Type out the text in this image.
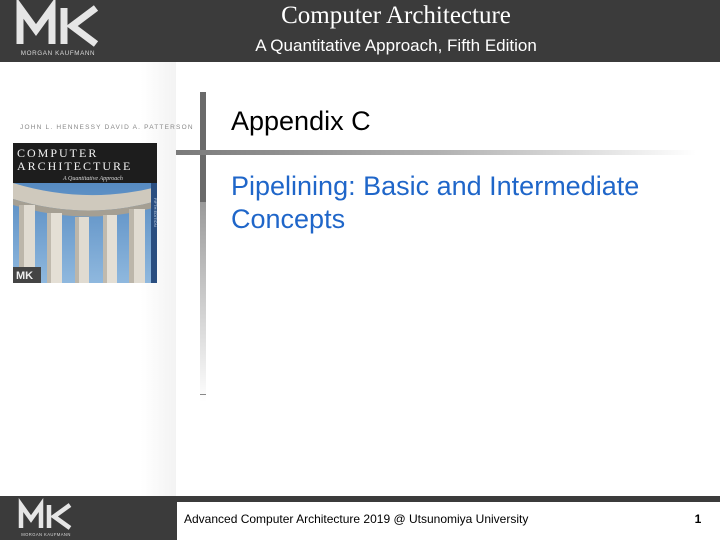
MORGAN KAUFMANN
Computer Architecture
A Quantitative Approach, Fifth Edition
JOHN L. HENNESSY DAVID A. PATTERSON
COMPUTER
ARCHITECTURE
A Quantitative Approach
FIFTH EDITION
MK
Appendix C
Pipelining: Basic and Intermediate Concepts
MORGAN KAUFMANN
Advanced Computer Architecture 2019 @ Utsunomiya University	1
